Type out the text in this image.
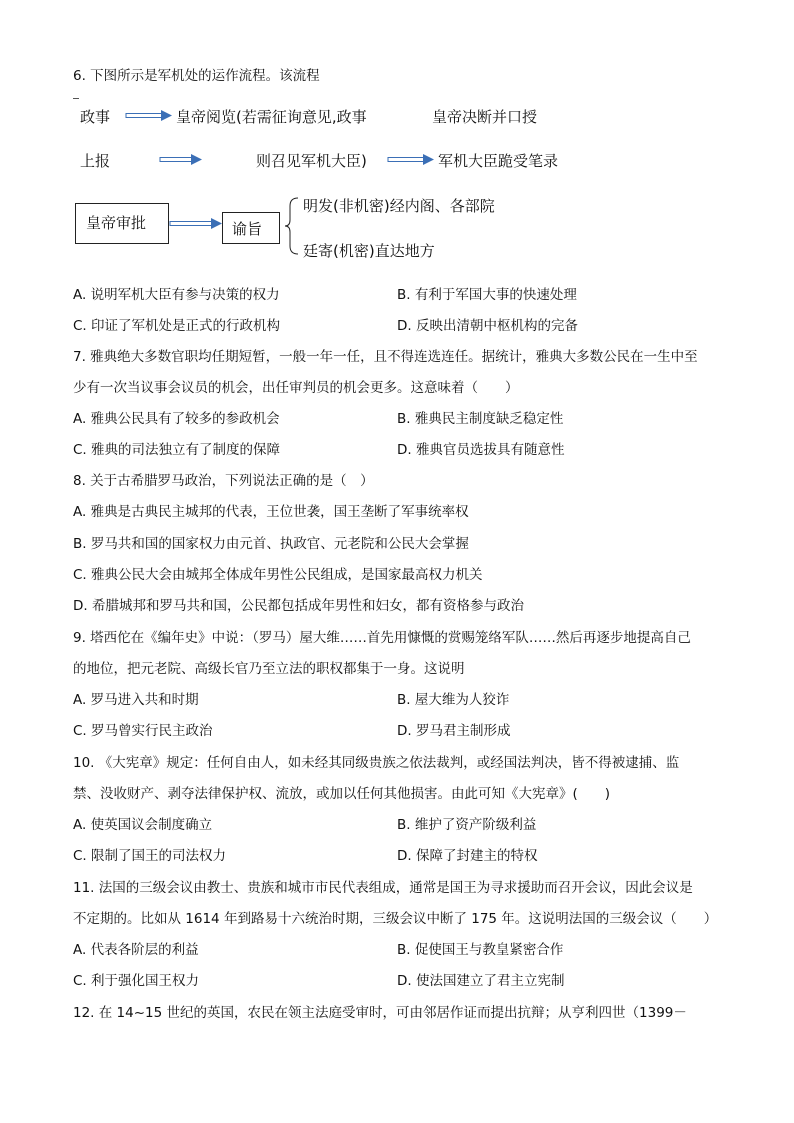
6. 下图所示是军机处的运作流程。该流程
政事
上报
皇帝阅览(若需征询意见,政事
则召见军机大臣)
皇帝决断并口授
军机大臣跪受笔录
皇帝审批	谕旨
明发(非机密)经内阁、各部院
廷寄(机密)直达地方
A. 说明军机大臣有参与决策的权力	B. 有利于军国大事的快速处理
C. 印证了军机处是正式的行政机构	D. 反映出清朝中枢机构的完备
7. 雅典绝大多数官职均任期短暂，一般一年一任，且不得连选连任。据统计，雅典大多数公民在一生中至
少有一次当议事会议员的机会，出任审判员的机会更多。这意味着（　　）
A. 雅典公民具有了较多的参政机会	B. 雅典民主制度缺乏稳定性
C. 雅典的司法独立有了制度的保障	D. 雅典官员选拔具有随意性
8. 关于古希腊罗马政治，下列说法正确的是（　）
A. 雅典是古典民主城邦的代表，王位世袭，国王垄断了军事统率权
B. 罗马共和国的国家权力由元首、执政官、元老院和公民大会掌握
C. 雅典公民大会由城邦全体成年男性公民组成，是国家最高权力机关
D. 希腊城邦和罗马共和国，公民都包括成年男性和妇女，都有资格参与政治
9. 塔西佗在《编年史》中说：（罗马）屋大维……首先用慷慨的赏赐笼络军队……然后再逐步地提高自己
的地位，把元老院、高级长官乃至立法的职权都集于一身。这说明
A. 罗马进入共和时期	B. 屋大维为人狡诈
C. 罗马曾实行民主政治	D. 罗马君主制形成
10. 《大宪章》规定：任何自由人，如未经其同级贵族之依法裁判，或经国法判决，皆不得被逮捕、监
禁、没收财产、剥夺法律保护权、流放，或加以任何其他损害。由此可知《大宪章》(　　)
A. 使英国议会制度确立	B. 维护了资产阶级利益
C. 限制了国王的司法权力	D. 保障了封建主的特权
11. 法国的三级会议由教士、贵族和城市市民代表组成，通常是国王为寻求援助而召开会议，因此会议是
不定期的。比如从 1614 年到路易十六统治时期，三级会议中断了 175 年。这说明法国的三级会议（　　）
A. 代表各阶层的利益	B. 促使国王与教皇紧密合作
C. 利于强化国王权力	D. 使法国建立了君主立宪制
12. 在 14~15 世纪的英国，农民在领主法庭受审时，可由邻居作证而提出抗辩；从亨利四世（1399－
